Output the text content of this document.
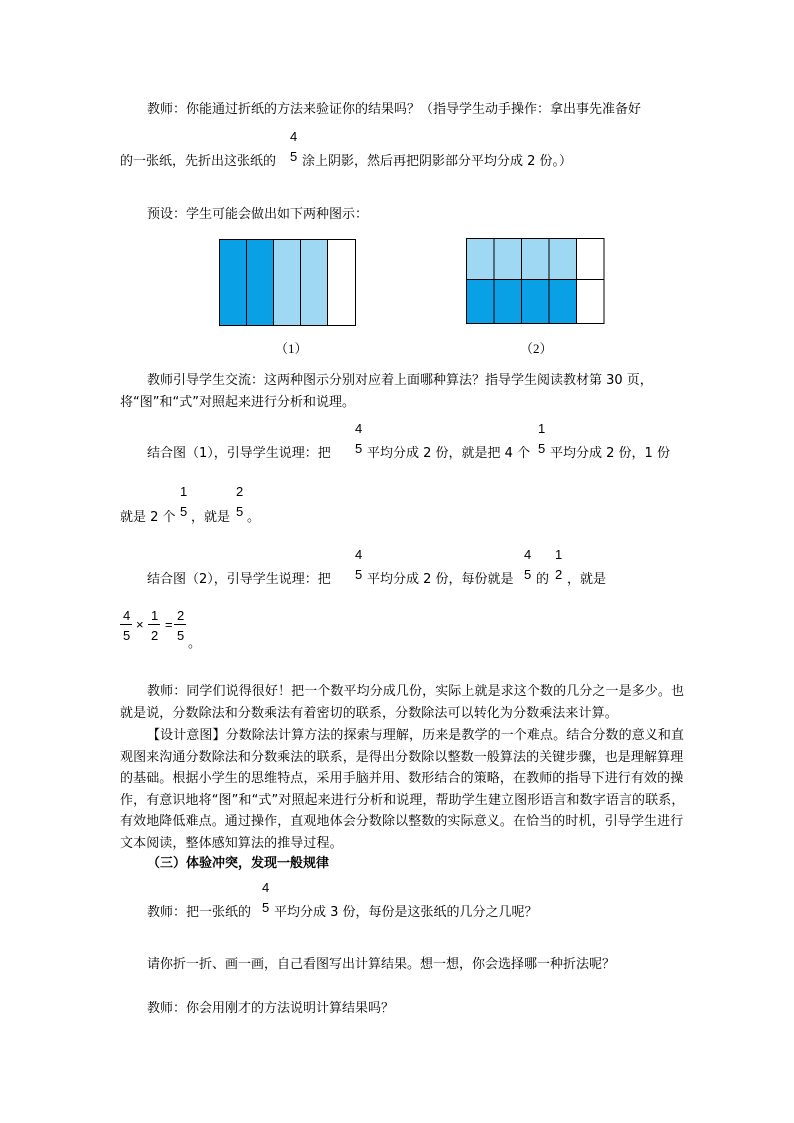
教师：你能通过折纸的方法来验证你的结果吗？（指导学生动手操作：拿出事先准备好
4
5
的一张纸，先折出这张纸的 涂上阴影，然后再把阴影部分平均分成 2 份。）
预设：学生可能会做出如下两种图示：
（1）	（2）
教师引导学生交流：这两种图示分别对应着上面哪种算法？指导学生阅读教材第 30 页，
将“图”和“式”对照起来进行分析和说理。
结合图（1），引导学生说理：把
4
5 平均分成 2 份，就是把 4 个
1
5 平均分成 2 份，1 份
就是 2 个
1
5 ，就是
2
5 。
结合图（2），引导学生说理：把
4
5 平均分成 2 份，每份就是
4
5 的
1
2 ，就是
4
5
×
1
2
=
2
5 。
教师：同学们说得很好！把一个数平均分成几份，实际上就是求这个数的几分之一是多少。也就是说，分数除法和分数乘法有着密切的联系，分数除法可以转化为分数乘法来计算。
【设计意图】分数除法计算方法的探索与理解，历来是教学的一个难点。结合分数的意义和直观图来沟通分数除法和分数乘法的联系，是得出分数除以整数一般算法的关键步骤，也是理解算理的基础。根据小学生的思维特点，采用手脑并用、数形结合的策略，在教师的指导下进行有效的操作，有意识地将“图”和“式”对照起来进行分析和说理，帮助学生建立图形语言和数字语言的联系，有效地降低难点。通过操作，直观地体会分数除以整数的实际意义。在恰当的时机，引导学生进行文本阅读，整体感知算法的推导过程。
（三）体验冲突，发现一般规律
4
5
教师：把一张纸的 平均分成 3 份，每份是这张纸的几分之几呢？
请你折一折、画一画，自己看图写出计算结果。想一想，你会选择哪一种折法呢？
教师：你会用刚才的方法说明计算结果吗？
